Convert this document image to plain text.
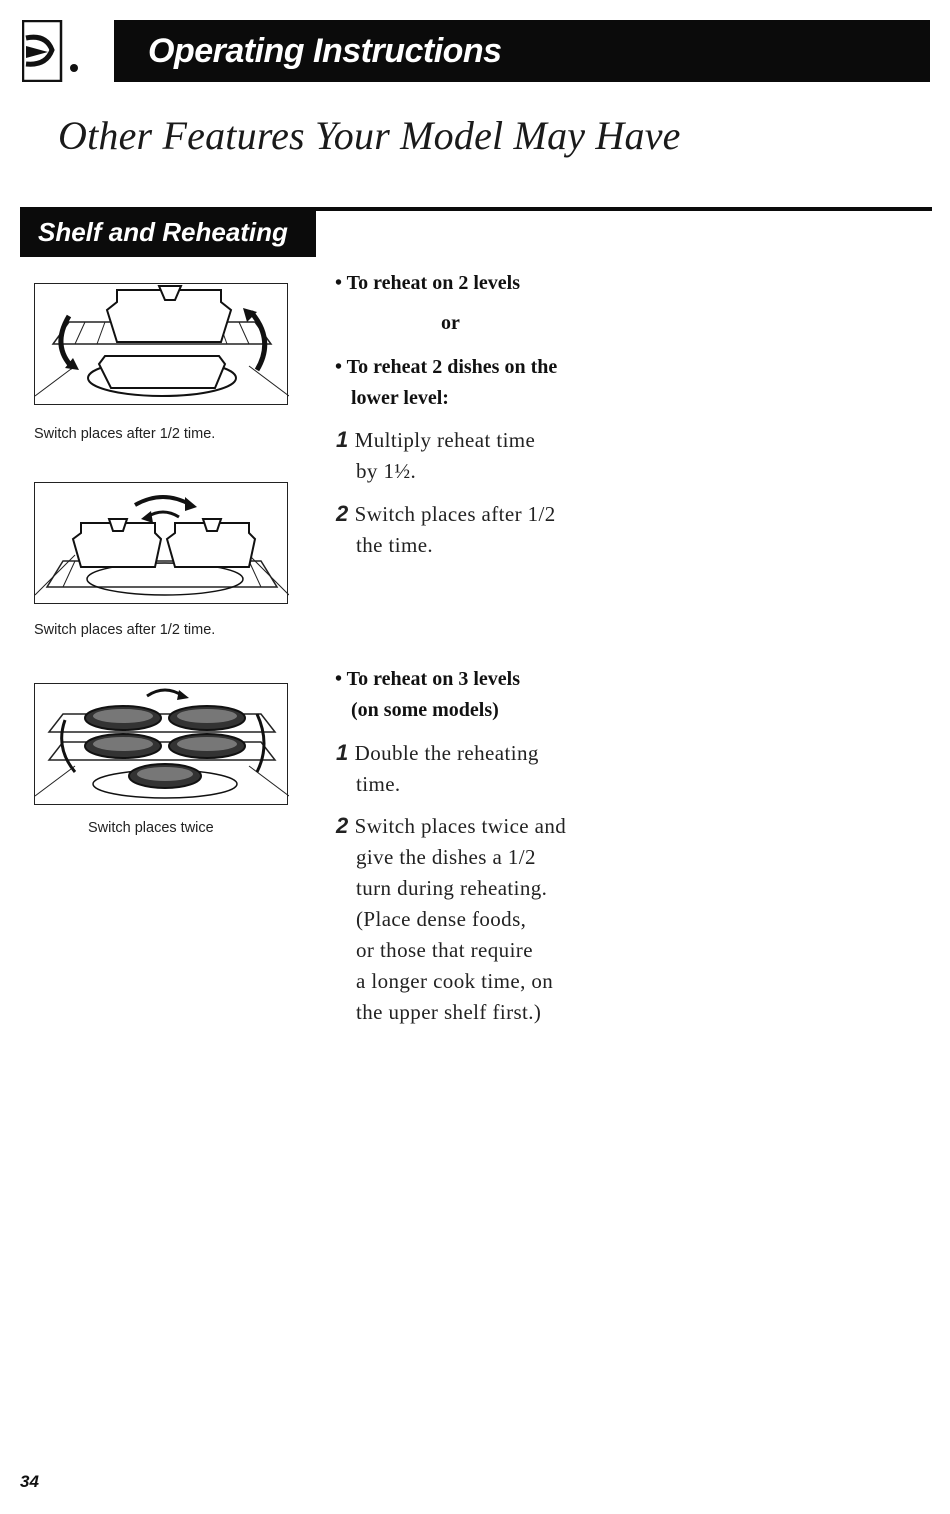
Operating Instructions
Other Features Your Model May Have
Shelf and Reheating
Switch places after 1/2 time.
Switch places after 1/2 time.
Switch places twice
• To reheat on 2 levels
or
• To reheat 2 dishes on the
lower level:
1 Multiply reheat time
by 1½.
2 Switch places after 1/2
the time.
• To reheat on 3 levels
(on some models)
1 Double the reheating
time.
2 Switch places twice and
give the dishes a 1/2
turn during reheating.
(Place dense foods,
or those that require
a longer cook time, on
the upper shelf first.)
34
